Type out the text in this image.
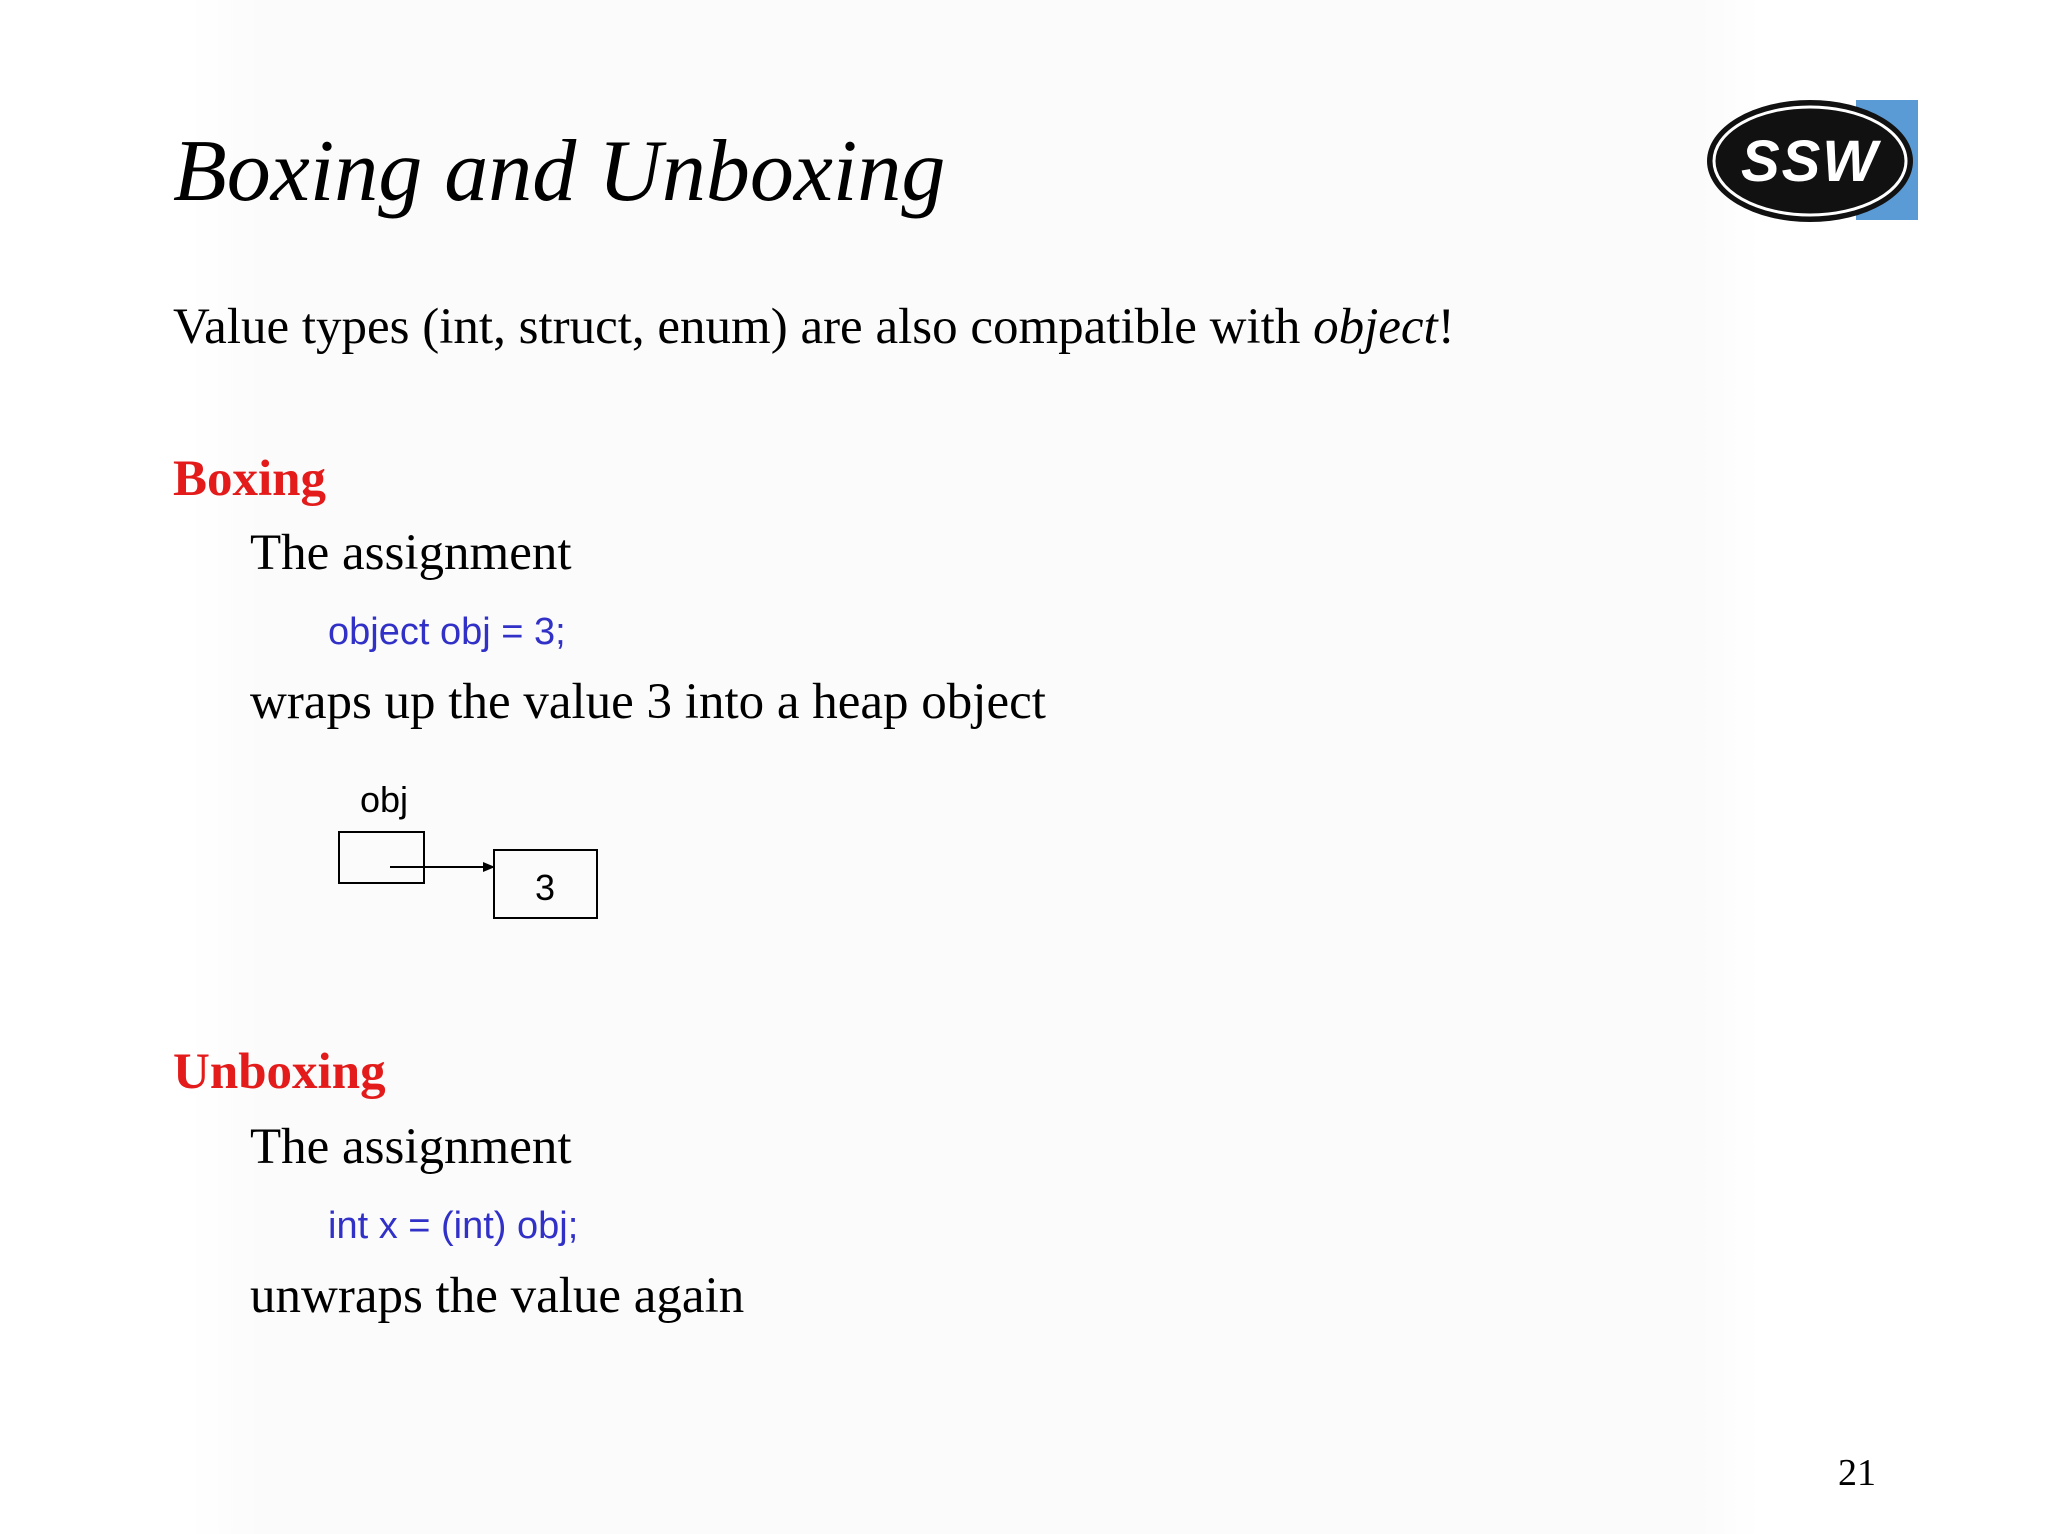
Boxing and Unboxing	SSW
Value types (int, struct, enum) are also compatible with object!
Boxing
The assignment
object obj = 3;
wraps up the value 3 into a heap object
obj
3
Unboxing
The assignment
int x = (int) obj;
unwraps the value again
21
